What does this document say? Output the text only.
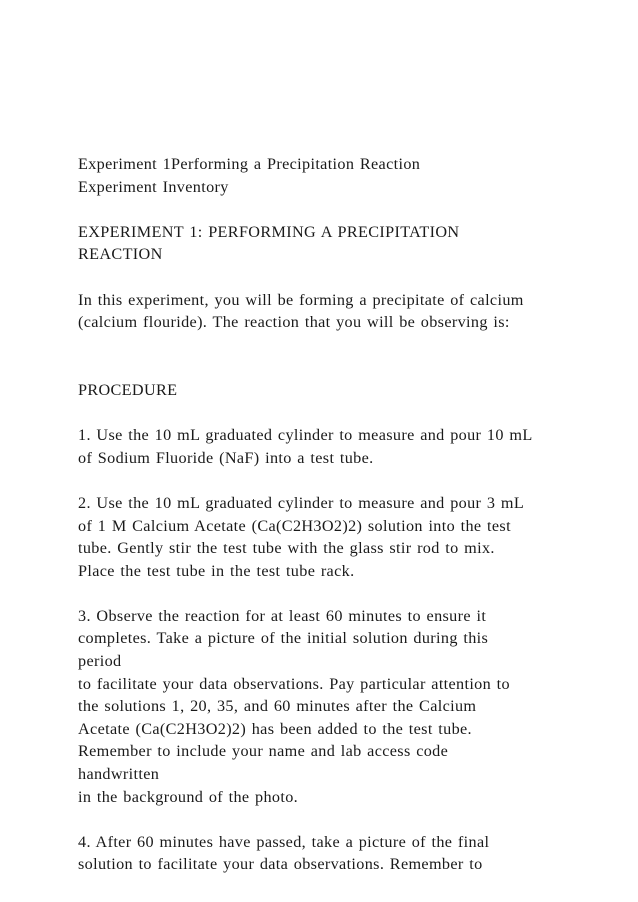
Experiment 1Performing a Precipitation Reaction
Experiment Inventory
EXPERIMENT 1: PERFORMING A PRECIPITATION
REACTION
In this experiment, you will be forming a precipitate of calcium
(calcium flouride). The reaction that you will be observing is:
PROCEDURE
1. Use the 10 mL graduated cylinder to measure and pour 10 mL
of Sodium Fluoride (NaF) into a test tube.
2. Use the 10 mL graduated cylinder to measure and pour 3 mL
of 1 M Calcium Acetate (Ca(C2H3O2)2) solution into the test
tube. Gently stir the test tube with the glass stir rod to mix.
Place the test tube in the test tube rack.
3. Observe the reaction for at least 60 minutes to ensure it
completes. Take a picture of the initial solution during this
period
to facilitate your data observations. Pay particular attention to
the solutions 1, 20, 35, and 60 minutes after the Calcium
Acetate (Ca(C2H3O2)2) has been added to the test tube.
Remember to include your name and lab access code
handwritten
in the background of the photo.
4. After 60 minutes have passed, take a picture of the final
solution to facilitate your data observations. Remember to
